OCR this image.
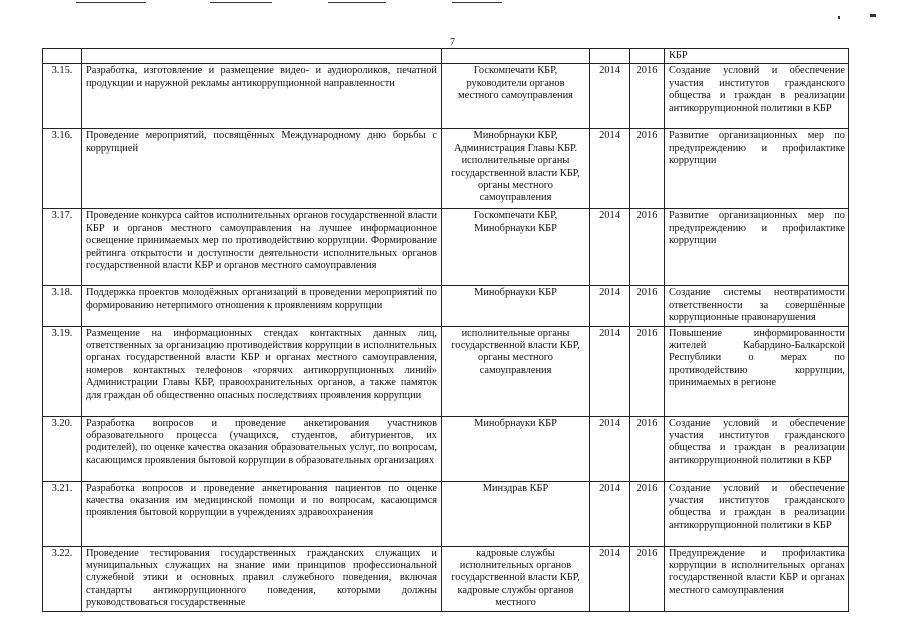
7
					КБР
3.15.	Разработка, изготовление и размещение видео- и аудиороликов, печатной продукции и наружной рекламы антикоррупционной направленности	Госкомпечати КБР, руководители органов местного самоуправления	2014	2016	Создание условий и обеспечение участия институтов гражданского общества и граждан в реализации антикоррупционной политики в КБР
3.16.	Проведение мероприятий, посвящённых Международному дню борьбы с коррупцией	Минобрнауки КБР, Администрация Главы КБР. исполнительные органы государственной власти КБР, органы местного самоуправления	2014	2016	Развитие организационных мер по предупреждению и профилактике коррупции
3.17.	Проведение конкурса сайтов исполнительных органов государственной власти КБР и органов местного самоуправления на лучшее информационное освещение принимаемых мер по противодействию коррупции. Формирование рейтинга открытости и доступности деятельности исполнительных органов государственной власти КБР и органов местного самоуправления	Госкомпечати КБР, Минобрнауки КБР	2014	2016	Развитие организационных мер по предупреждению и профилактике коррупции
3.18.	Поддержка проектов молодёжных организаций в проведении мероприятий по формированию нетерпимого отношения к проявлениям коррупции	Минобрнауки КБР	2014	2016	Создание системы неотвратимости ответственности за совершённые коррупционные правонарушения
3.19.	Размещение на информационных стендах контактных данных лиц, ответственных за организацию противодействия коррупции в исполнительных органах государственной власти КБР и органах местного самоуправления, номеров контактных телефонов «горячих антикоррупционных линий» Администрации Главы КБР, правоохранительных органов, а также памяток для граждан об общественно опасных последствиях проявления коррупции	исполнительные органы государственной власти КБР, органы местного самоуправления	2014	2016	Повышение информированности жителей Кабардино-Балкарской Республики о мерах по противодействию коррупции, принимаемых в регионе
3.20.	Разработка вопросов и проведение анкетирования участников образовательного процесса (учащихся, студентов, абитуриентов, их родителей), по оценке качества оказания образовательных услуг, по вопросам, касающимся проявления бытовой коррупции в образовательных организациях	Минобрнауки КБР	2014	2016	Создание условий и обеспечение участия институтов гражданского общества и граждан в реализации антикоррупционной политики в КБР
3.21.	Разработка вопросов и проведение анкетирования пациентов по оценке качества оказания им медицинской помощи и по вопросам, касающимся проявления бытовой коррупции в учреждениях здравоохранения	Минздрав КБР	2014	2016	Создание условий и обеспечение участия институтов гражданского общества и граждан в реализации антикоррупционной политики в КБР
3.22.	Проведение тестирования государственных гражданских служащих и муниципальных служащих на знание ими принципов профессиональной служебной этики и основных правил служебного поведения, включая стандарты антикоррупционного поведения, которыми должны руководствоваться государственные	кадровые службы исполнительных органов государственной власти КБР, кадровые службы органов местного	2014	2016	Предупреждение и профилактика коррупции в исполнительных органах государственной власти КБР и органах местного самоуправления
